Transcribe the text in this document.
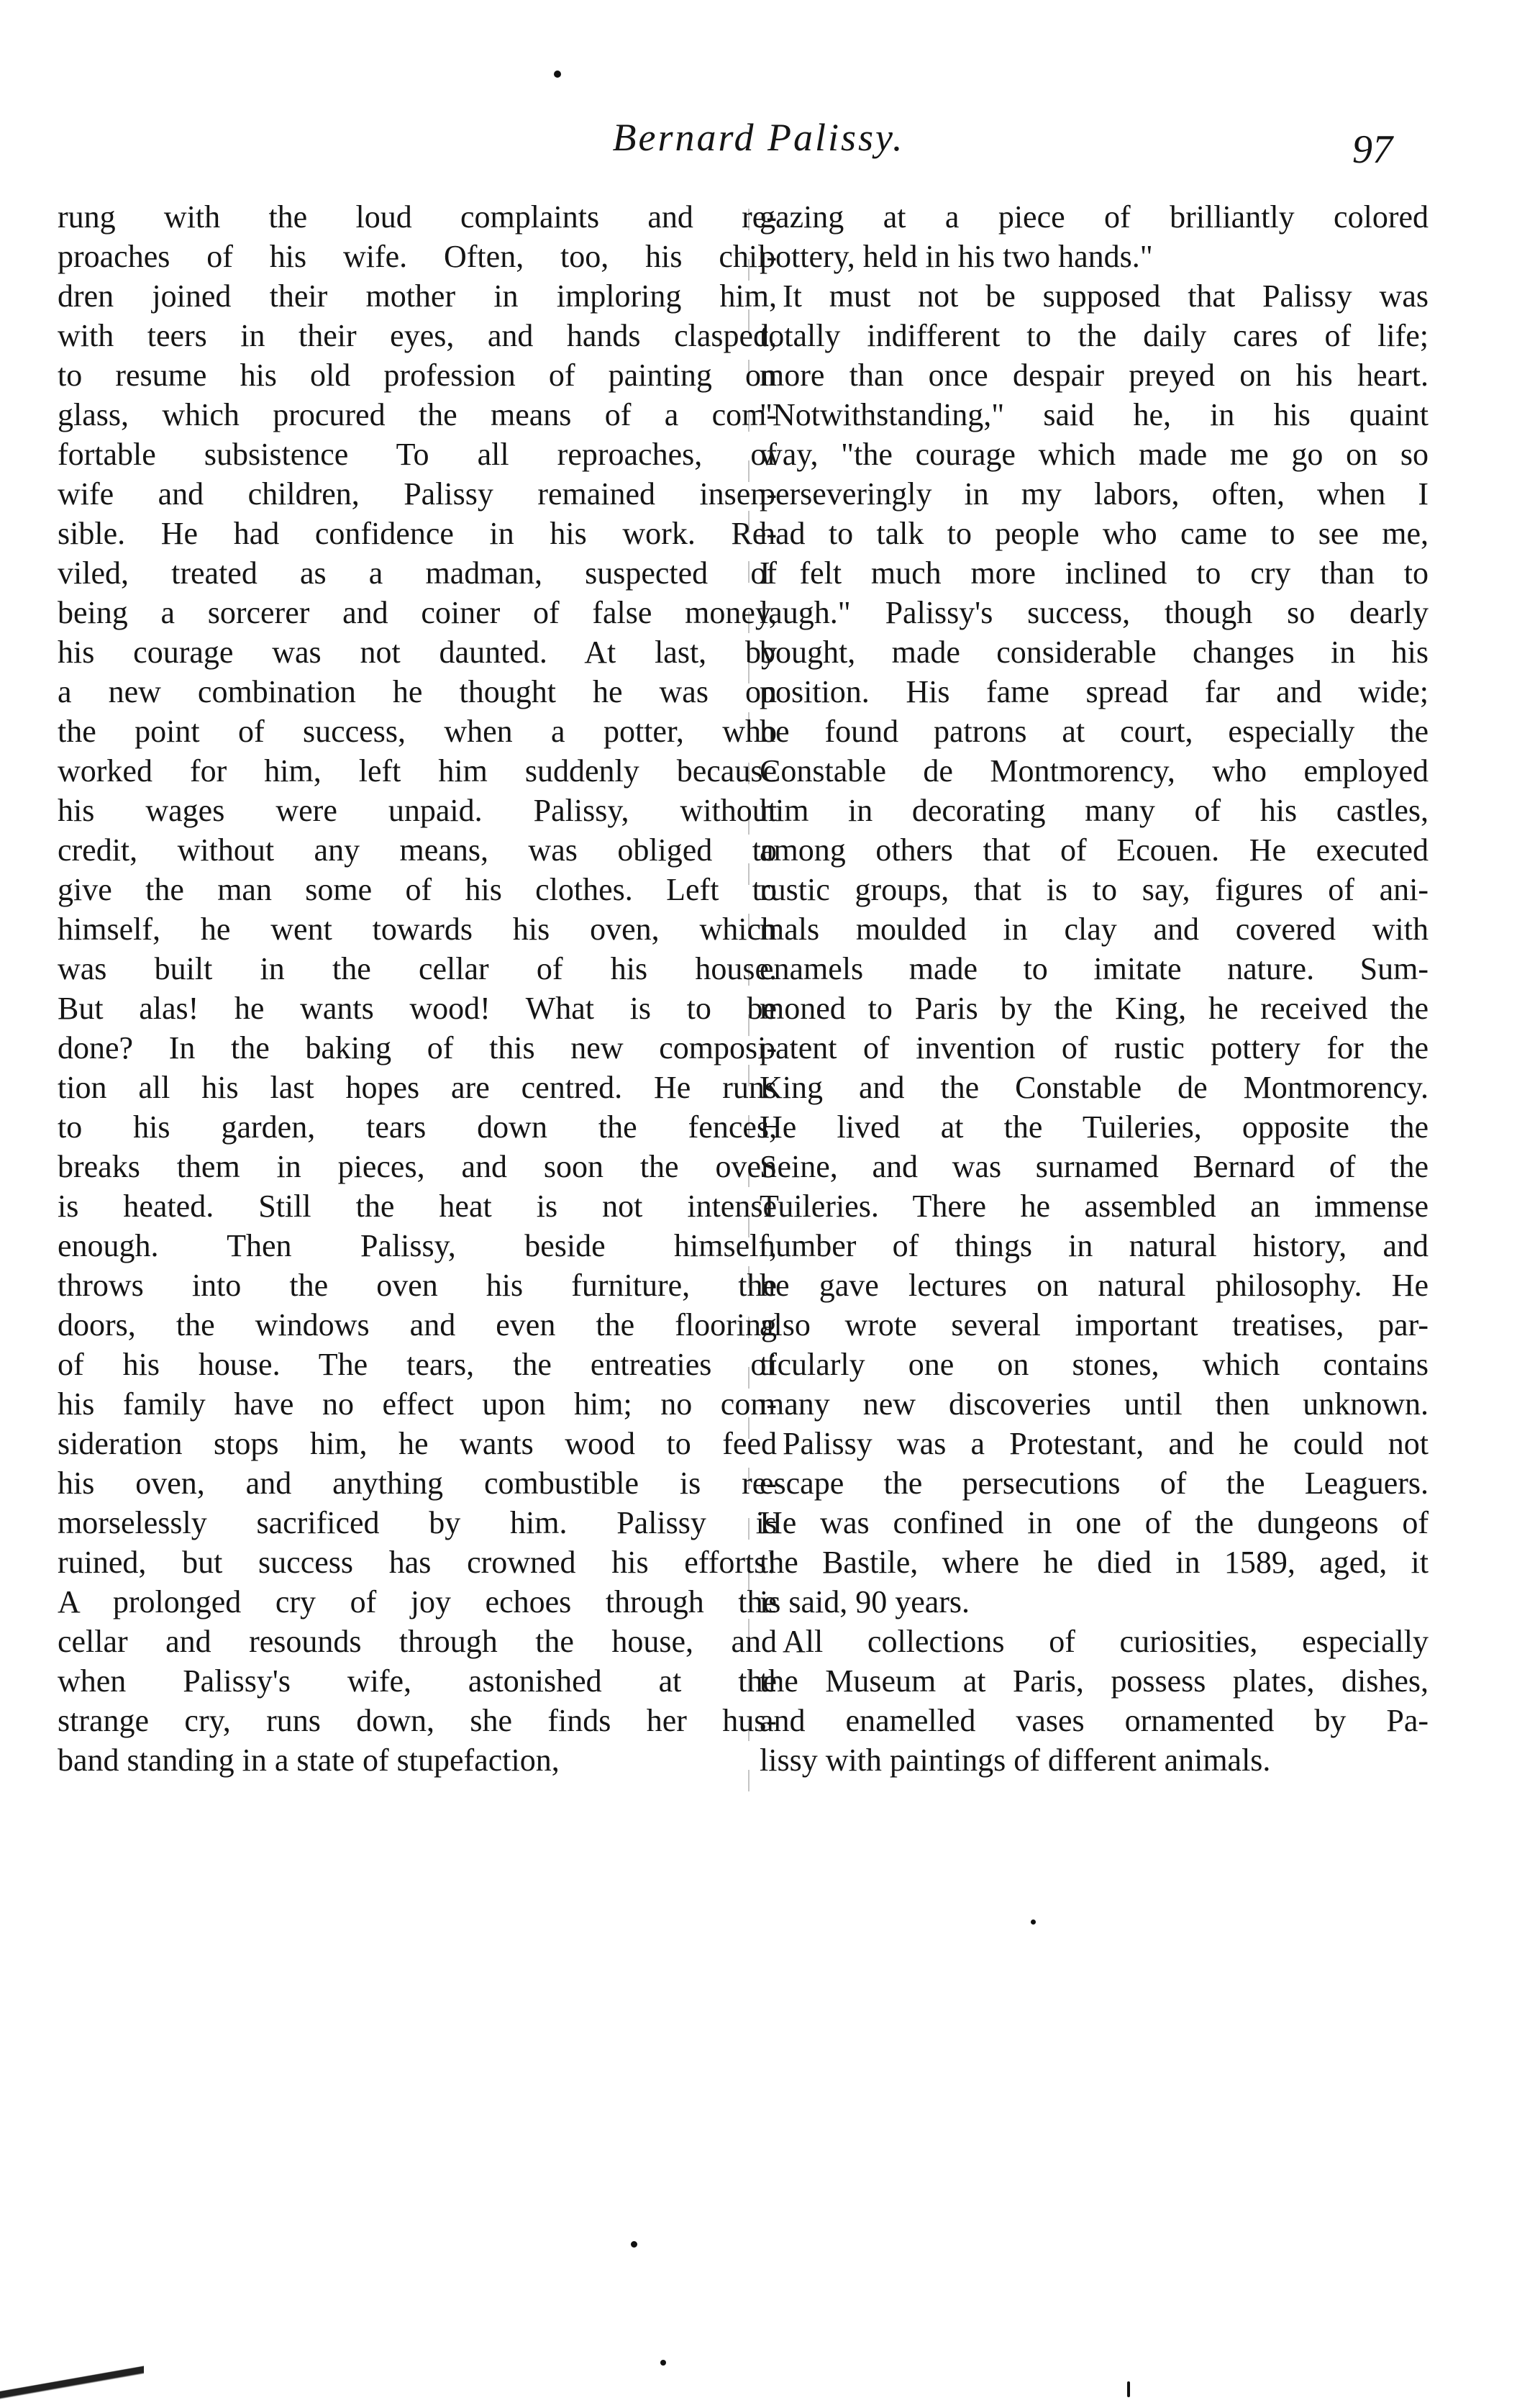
Bernard Palissy.	97
rung with the loud complaints and re-
proaches of his wife. Often, too, his chil-
dren joined their mother in imploring him,
with teers in their eyes, and hands clasped,
to resume his old profession of painting on
glass, which procured the means of a com-
fortable subsistence To all reproaches, of
wife and children, Palissy remained insen-
sible. He had confidence in his work. Re-
viled, treated as a madman, suspected of
being a sorcerer and coiner of false money,
his courage was not daunted. At last, by
a new combination he thought he was on
the point of success, when a potter, who
worked for him, left him suddenly because
his wages were unpaid. Palissy, without
credit, without any means, was obliged to
give the man some of his clothes. Left to
himself, he went towards his oven, which
was built in the cellar of his house.
But alas! he wants wood! What is to be
done? In the baking of this new composi-
tion all his last hopes are centred. He runs
to his garden, tears down the fences,
breaks them in pieces, and soon the oven
is heated. Still the heat is not intense
enough. Then Palissy, beside himself,
throws into the oven his furniture, the
doors, the windows and even the flooring
of his house. The tears, the entreaties of
his family have no effect upon him; no con-
sideration stops him, he wants wood to feed
his oven, and anything combustible is re-
morselessly sacrificed by him. Palissy is
ruined, but success has crowned his efforts!
A prolonged cry of joy echoes through the
cellar and resounds through the house, and
when Palissy's wife, astonished at the
strange cry, runs down, she finds her hus-
band standing in a state of stupefaction,
gazing at a piece of brilliantly colored
pottery, held in his two hands."
It must not be supposed that Palissy was
totally indifferent to the daily cares of life;
more than once despair preyed on his heart.
"Notwithstanding," said he, in his quaint
way, "the courage which made me go on so
perseveringly in my labors, often, when I
had to talk to people who came to see me,
I felt much more inclined to cry than to
laugh." Palissy's success, though so dearly
bought, made considerable changes in his
position. His fame spread far and wide;
he found patrons at court, especially the
Constable de Montmorency, who employed
him in decorating many of his castles,
among others that of Ecouen. He executed
rustic groups, that is to say, figures of ani-
mals moulded in clay and covered with
enamels made to imitate nature. Sum-
moned to Paris by the King, he received the
patent of invention of rustic pottery for the
King and the Constable de Montmorency.
He lived at the Tuileries, opposite the
Seine, and was surnamed Bernard of the
Tuileries. There he assembled an immense
number of things in natural history, and
he gave lectures on natural philosophy. He
also wrote several important treatises, par-
ticularly one on stones, which contains
many new discoveries until then unknown.
Palissy was a Protestant, and he could not
escape the persecutions of the Leaguers.
He was confined in one of the dungeons of
the Bastile, where he died in 1589, aged, it
is said, 90 years.
All collections of curiosities, especially
the Museum at Paris, possess plates, dishes,
and enamelled vases ornamented by Pa-
lissy with paintings of different animals.
